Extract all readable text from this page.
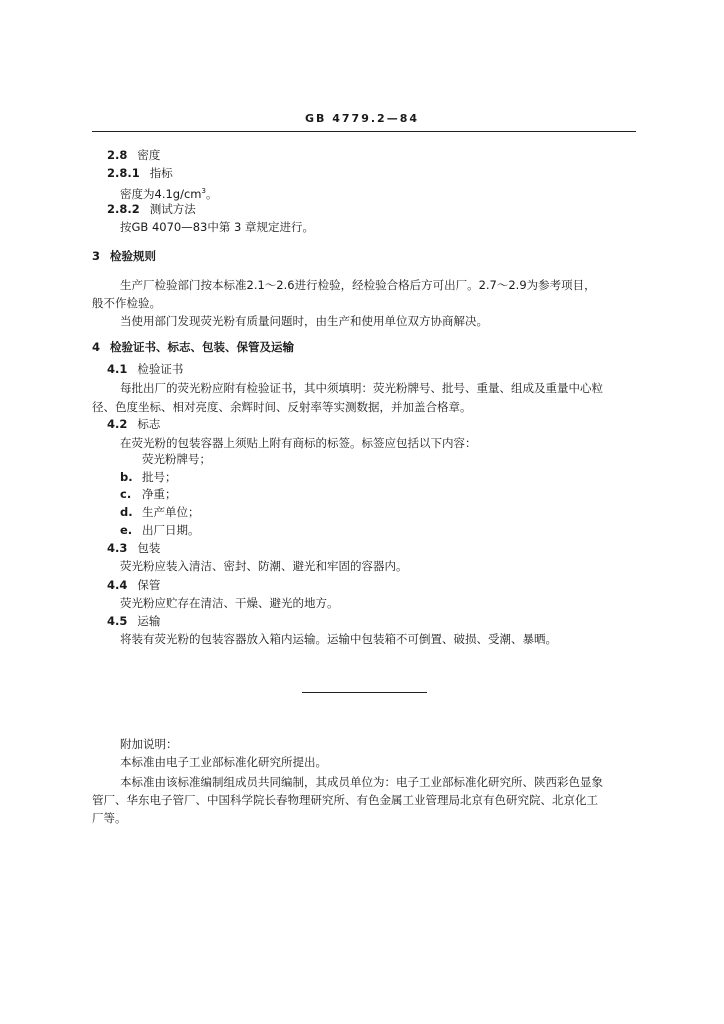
GB 4779.2—84
2.8 密度
2.8.1 指标
密度为$4.1g/cm^3$。
2.8.2 测试方法
按GB 4070—83中第 3 章规定进行。
3 检验规则
生产厂检验部门按本标准2.1～2.6进行检验，经检验合格后方可出厂。2.7～2.9为参考项目，
般不作检验。
当使用部门发现荧光粉有质量问题时，由生产和使用单位双方协商解决。
4 检验证书、标志、包装、保管及运输
4.1 检验证书
每批出厂的荧光粉应附有检验证书，其中须填明：荧光粉牌号、批号、重量、组成及重量中心粒
径、色度坐标、相对亮度、余辉时间、反射率等实测数据，并加盖合格章。
4.2 标志
在荧光粉的包装容器上须贴上附有商标的标签。标签应包括以下内容：
荧光粉牌号；
b. 批号；
c. 净重；
d. 生产单位；
e. 出厂日期。
4.3 包装
荧光粉应装入清洁、密封、防潮、避光和牢固的容器内。
4.4 保管
荧光粉应贮存在清洁、干燥、避光的地方。
4.5 运输
将装有荧光粉的包装容器放入箱内运输。运输中包装箱不可倒置、破损、受潮、暴晒。
附加说明：
本标准由电子工业部标准化研究所提出。
本标准由该标准编制组成员共同编制，其成员单位为：电子工业部标准化研究所、陕西彩色显象
管厂、华东电子管厂、中国科学院长春物理研究所、有色金属工业管理局北京有色研究院、北京化工
厂等。
